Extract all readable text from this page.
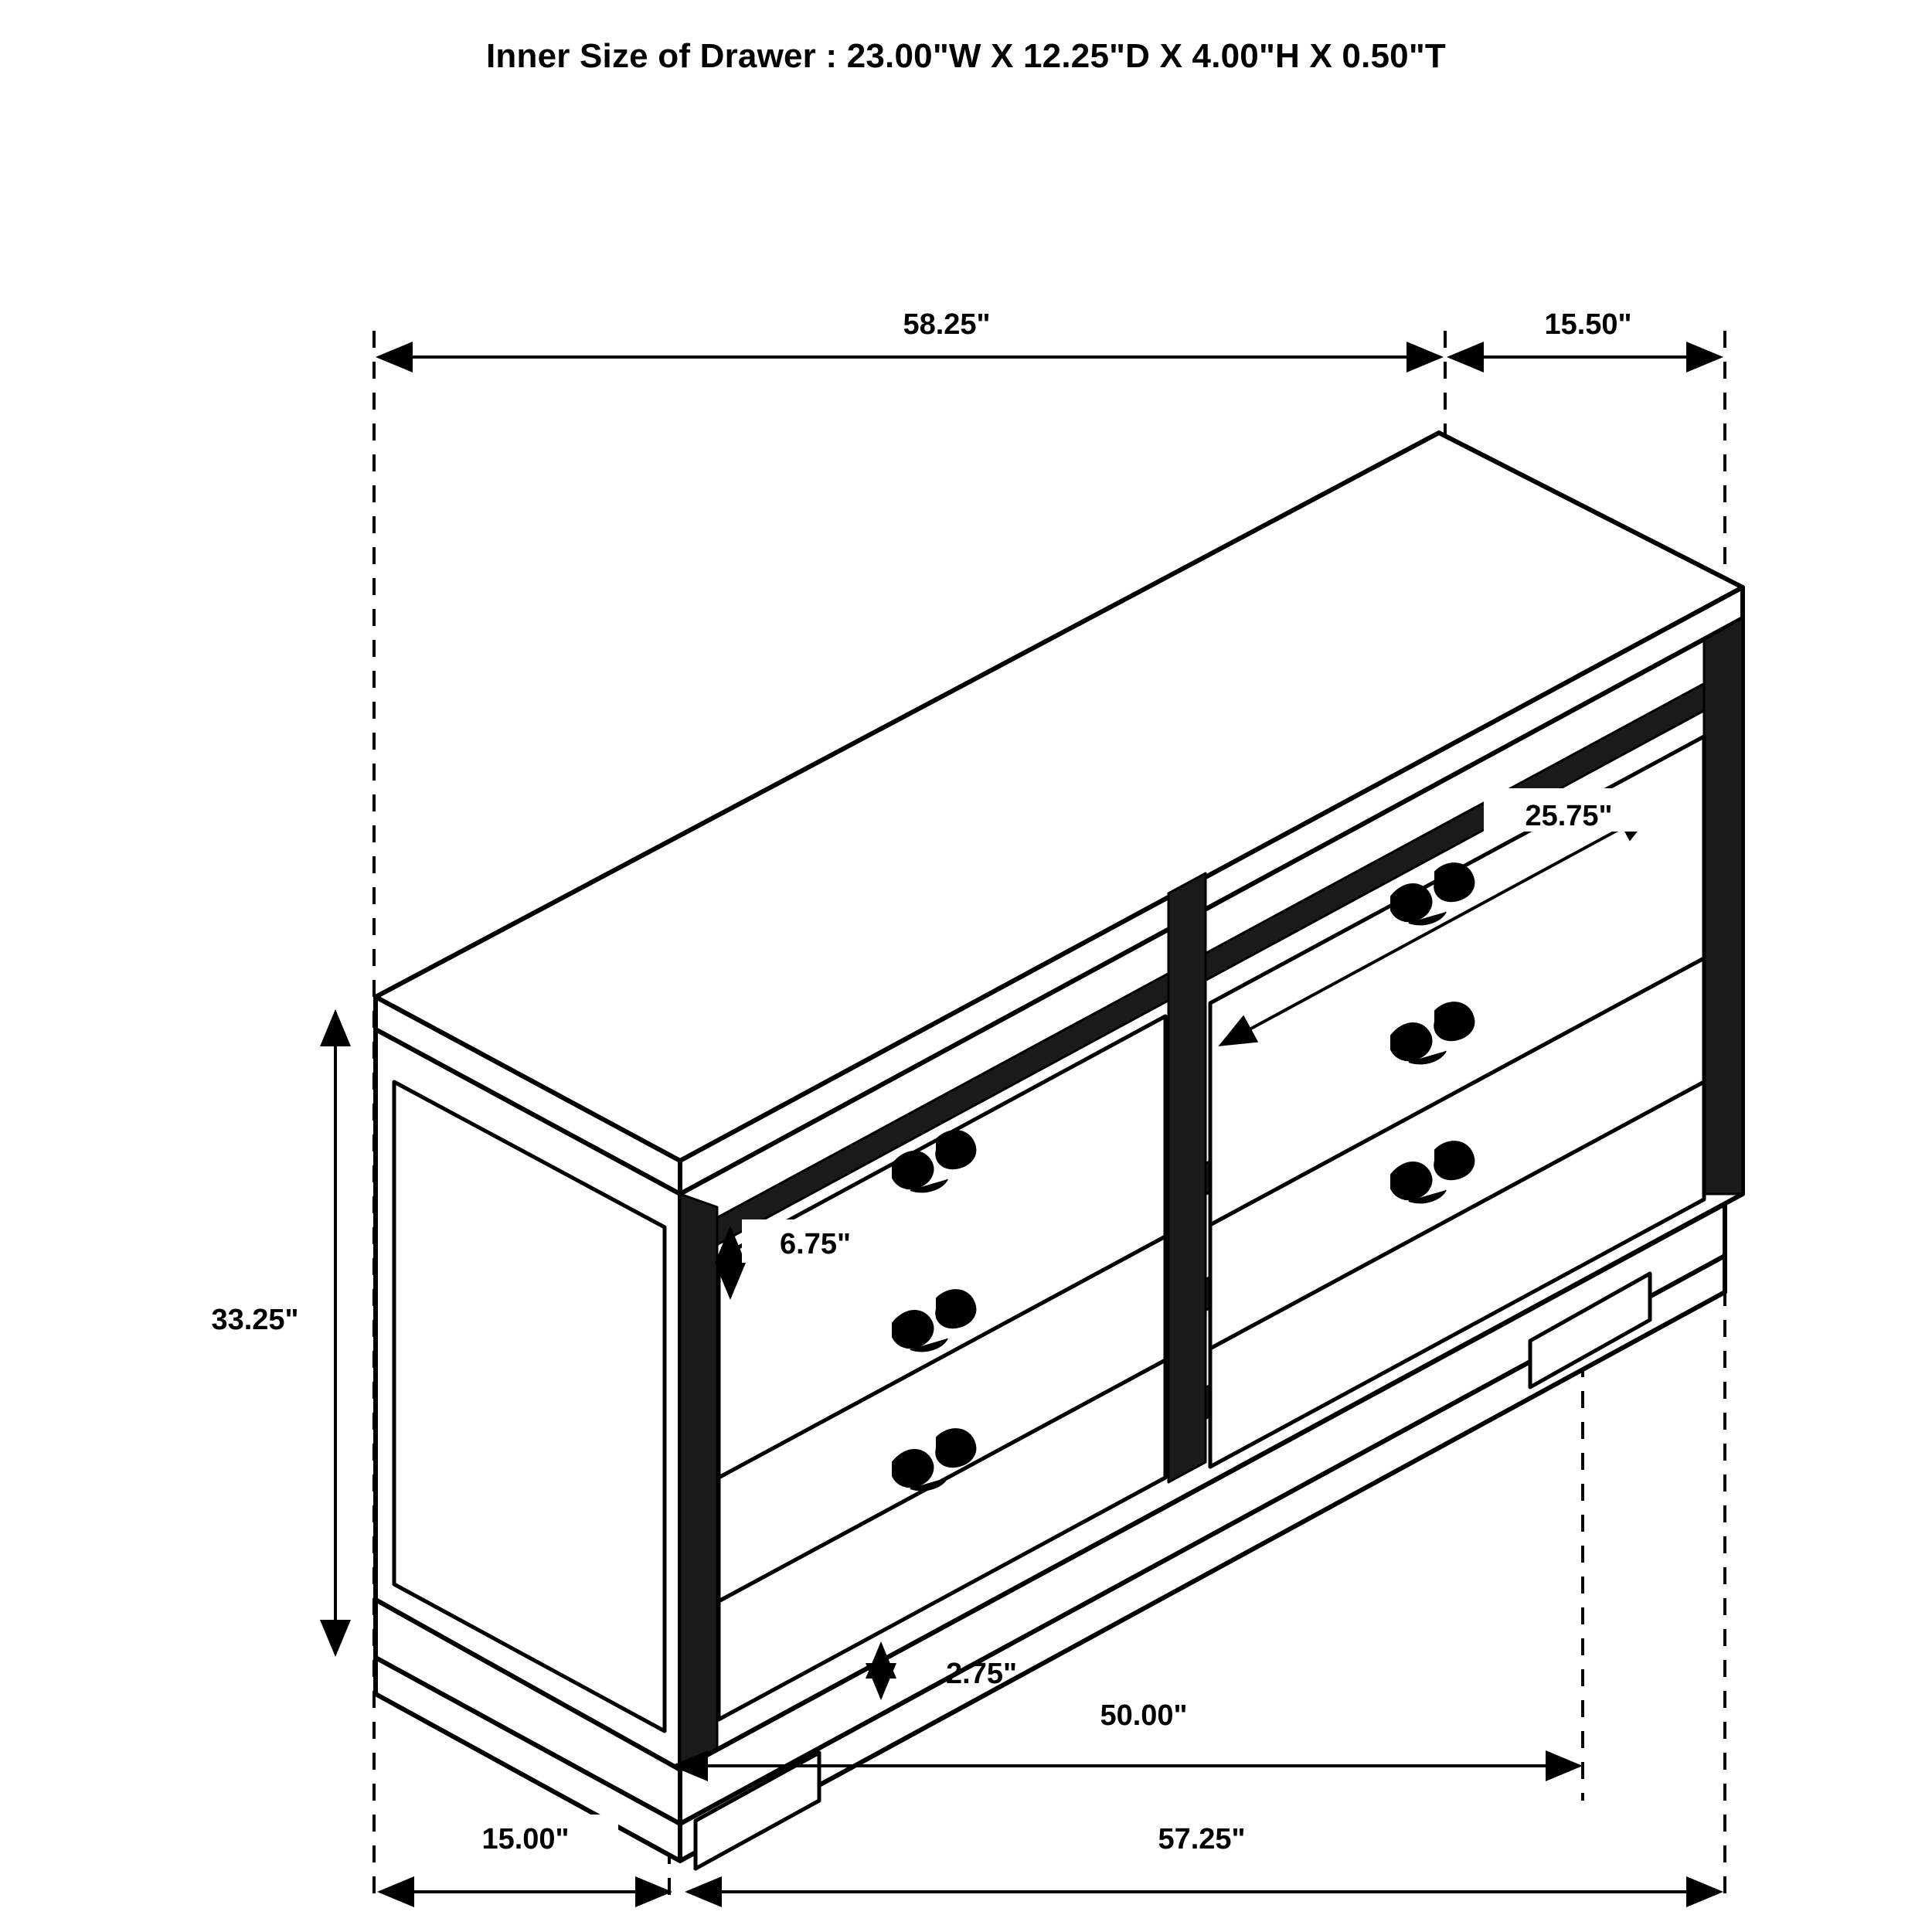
Inner Size of Drawer : 23.00"W X 12.25"D X 4.00"H X 0.50"T
58.25"	15.50"
25.75"
6.75"
33.25"
2.75"
50.00"
57.25"
15.00"
